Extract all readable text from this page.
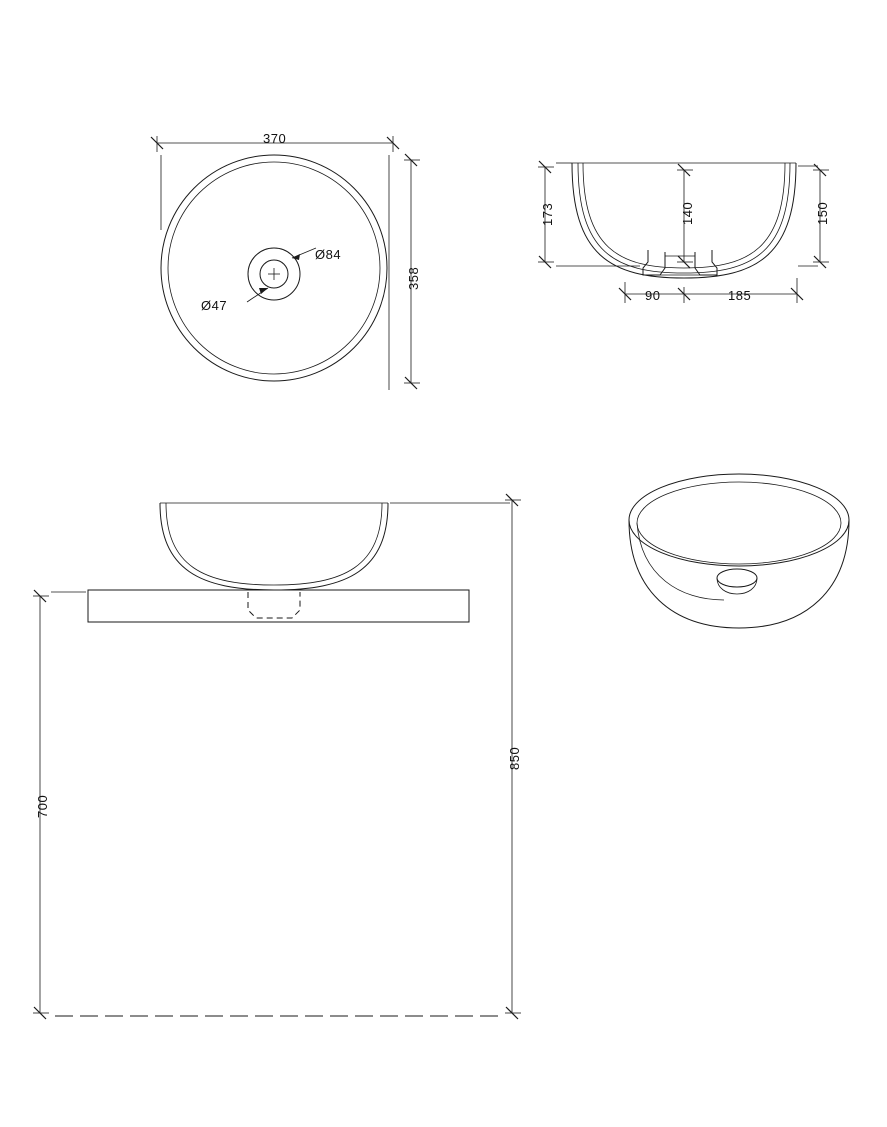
370
358
Ø84
Ø47
173	140	150
90	185
700
850
